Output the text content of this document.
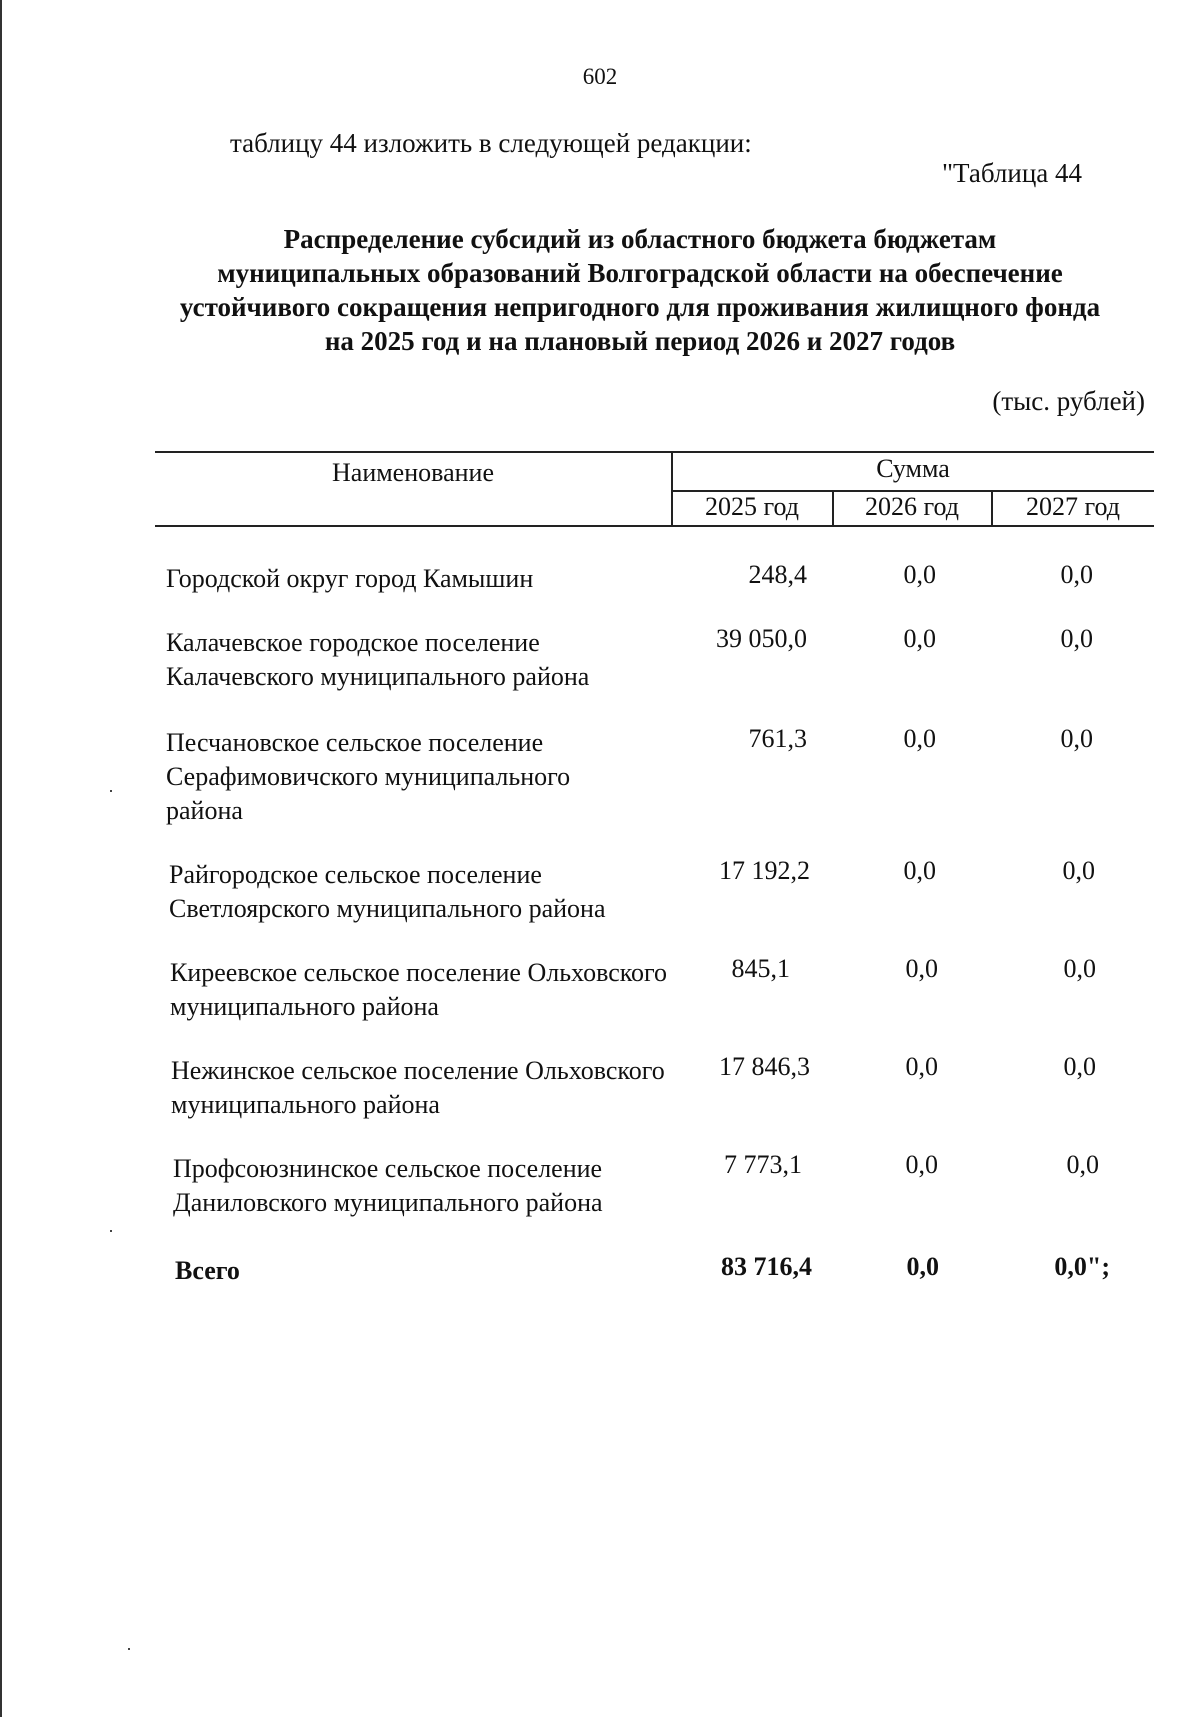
602
таблицу 44 изложить в следующей редакции:
"Таблица 44
Распределение субсидий из областного бюджета бюджетам
муниципальных образований Волгоградской области на обеспечение
устойчивого сокращения непригодного для проживания жилищного фонда
на 2025 год и на плановый период 2026 и 2027 годов
(тыс. рублей)
Наименование	Сумма
2025 год	2026 год	2027 год
Городской округ город Камышин	248,4	0,0	0,0
Калачевское городское поселение Калачевского муниципального района
39 050,0	0,0	0,0
Песчановское сельское поселение Серафимовичского муниципального района
761,3	0,0	0,0
Райгородское сельское поселение Светлоярского муниципального района
17 192,2	0,0	0,0
Киреевское сельское поселение Ольховского муниципального района
845,1	0,0	0,0
Нежинское сельское поселение Ольховского муниципального района
17 846,3	0,0	0,0
Профсоюзнинское сельское поселение Даниловского муниципального района
7 773,1	0,0	0,0
Всего	83 716,4	0,0	0,0";
